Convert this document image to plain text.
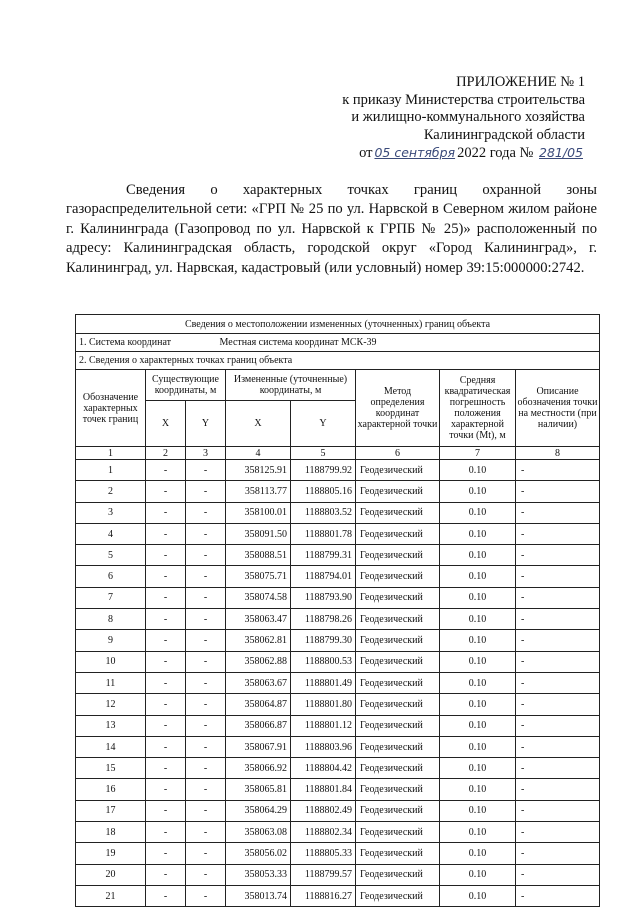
ПРИЛОЖЕНИЕ № 1
к приказу Министерства строительства
и жилищно-коммунального хозяйства
Калининградской области
от 05 сентября 2022 года № 281/05
Сведения о характерных точках границ охранной зоны газораспределительной сети: «ГРП № 25 по ул. Нарвской в Северном жилом районе г. Калининграда (Газопровод по ул. Нарвской к ГРПБ № 25)» расположенный по адресу: Калининградская область, городской округ «Город Калининград», г. Калининград, ул. Нарвская, кадастровый (или условный) номер 39:15:000000:2742.
Сведения о местоположении измененных (уточненных) границ объекта							
1. Система координат Местная система координат МСК-39							
2. Сведения о характерных точках границ объекта							
Обозначение характерных точек границ	Существующие координаты, м		Измененные (уточненные) координаты, м		Метод определения координат характерной точки	Средняя квадратическая погрешность положения характерной точки (Mt), м	Описание обозначения точки на местности (при наличии)
	X	Y	X	Y			
1	2	3	4	5	6	7	8
1	-	-	358125.91	1188799.92	Геодезический	0.10	-
2	-	-	358113.77	1188805.16	Геодезический	0.10	-
3	-	-	358100.01	1188803.52	Геодезический	0.10	-
4	-	-	358091.50	1188801.78	Геодезический	0.10	-
5	-	-	358088.51	1188799.31	Геодезический	0.10	-
6	-	-	358075.71	1188794.01	Геодезический	0.10	-
7	-	-	358074.58	1188793.90	Геодезический	0.10	-
8	-	-	358063.47	1188798.26	Геодезический	0.10	-
9	-	-	358062.81	1188799.30	Геодезический	0.10	-
10	-	-	358062.88	1188800.53	Геодезический	0.10	-
11	-	-	358063.67	1188801.49	Геодезический	0.10	-
12	-	-	358064.87	1188801.80	Геодезический	0.10	-
13	-	-	358066.87	1188801.12	Геодезический	0.10	-
14	-	-	358067.91	1188803.96	Геодезический	0.10	-
15	-	-	358066.92	1188804.42	Геодезический	0.10	-
16	-	-	358065.81	1188801.84	Геодезический	0.10	-
17	-	-	358064.29	1188802.49	Геодезический	0.10	-
18	-	-	358063.08	1188802.34	Геодезический	0.10	-
19	-	-	358056.02	1188805.33	Геодезический	0.10	-
20	-	-	358053.33	1188799.57	Геодезический	0.10	-
21	-	-	358013.74	1188816.27	Геодезический	0.10	-
